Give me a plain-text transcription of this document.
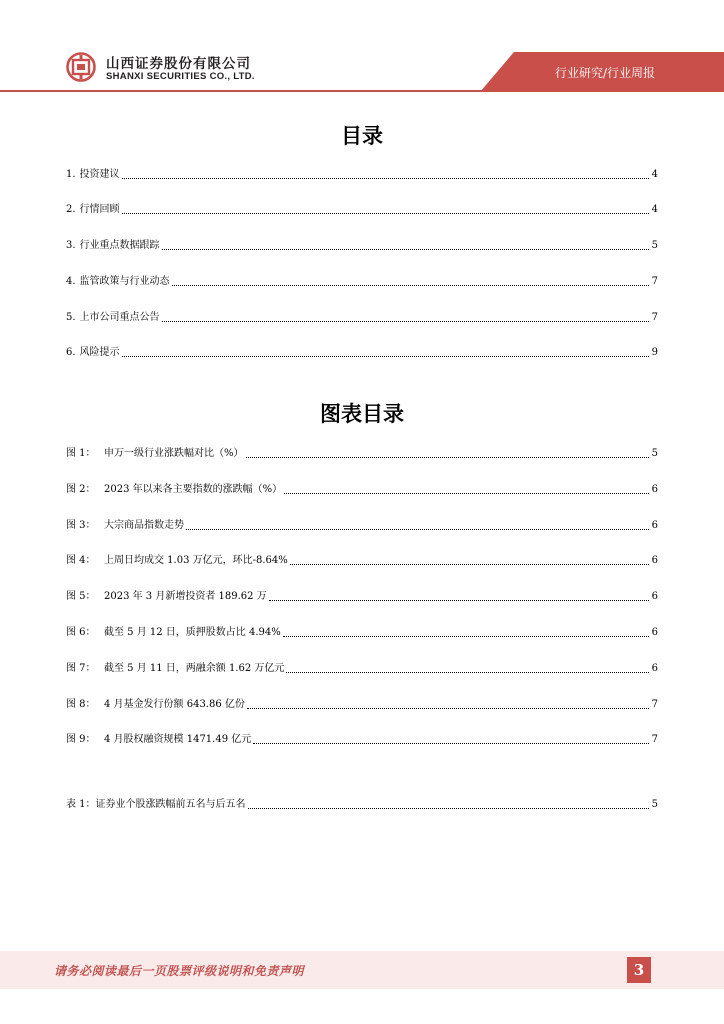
山西证券股份有限公司
SHANXI SECURITIES CO., LTD.	行业研究/行业周报
目录
1. 投资建议	4
2. 行情回顾	4
3. 行业重点数据跟踪	5
4. 监管政策与行业动态	7
5. 上市公司重点公告	7
6. 风险提示	9
图表目录
图 1： 申万一级行业涨跌幅对比（%）	5
图 2： 2023 年以来各主要指数的涨跌幅（%）	6
图 3： 大宗商品指数走势	6
图 4： 上周日均成交 1.03 万亿元，环比-8.64%	6
图 5： 2023 年 3 月新增投资者 189.62 万	6
图 6： 截至 5 月 12 日，质押股数占比 4.94%	6
图 7： 截至 5 月 11 日，两融余额 1.62 万亿元	6
图 8： 4 月基金发行份额 643.86 亿份	7
图 9： 4 月股权融资规模 1471.49 亿元	7
表 1： 证券业个股涨跌幅前五名与后五名	5
请务必阅读最后一页股票评级说明和免责声明	3
